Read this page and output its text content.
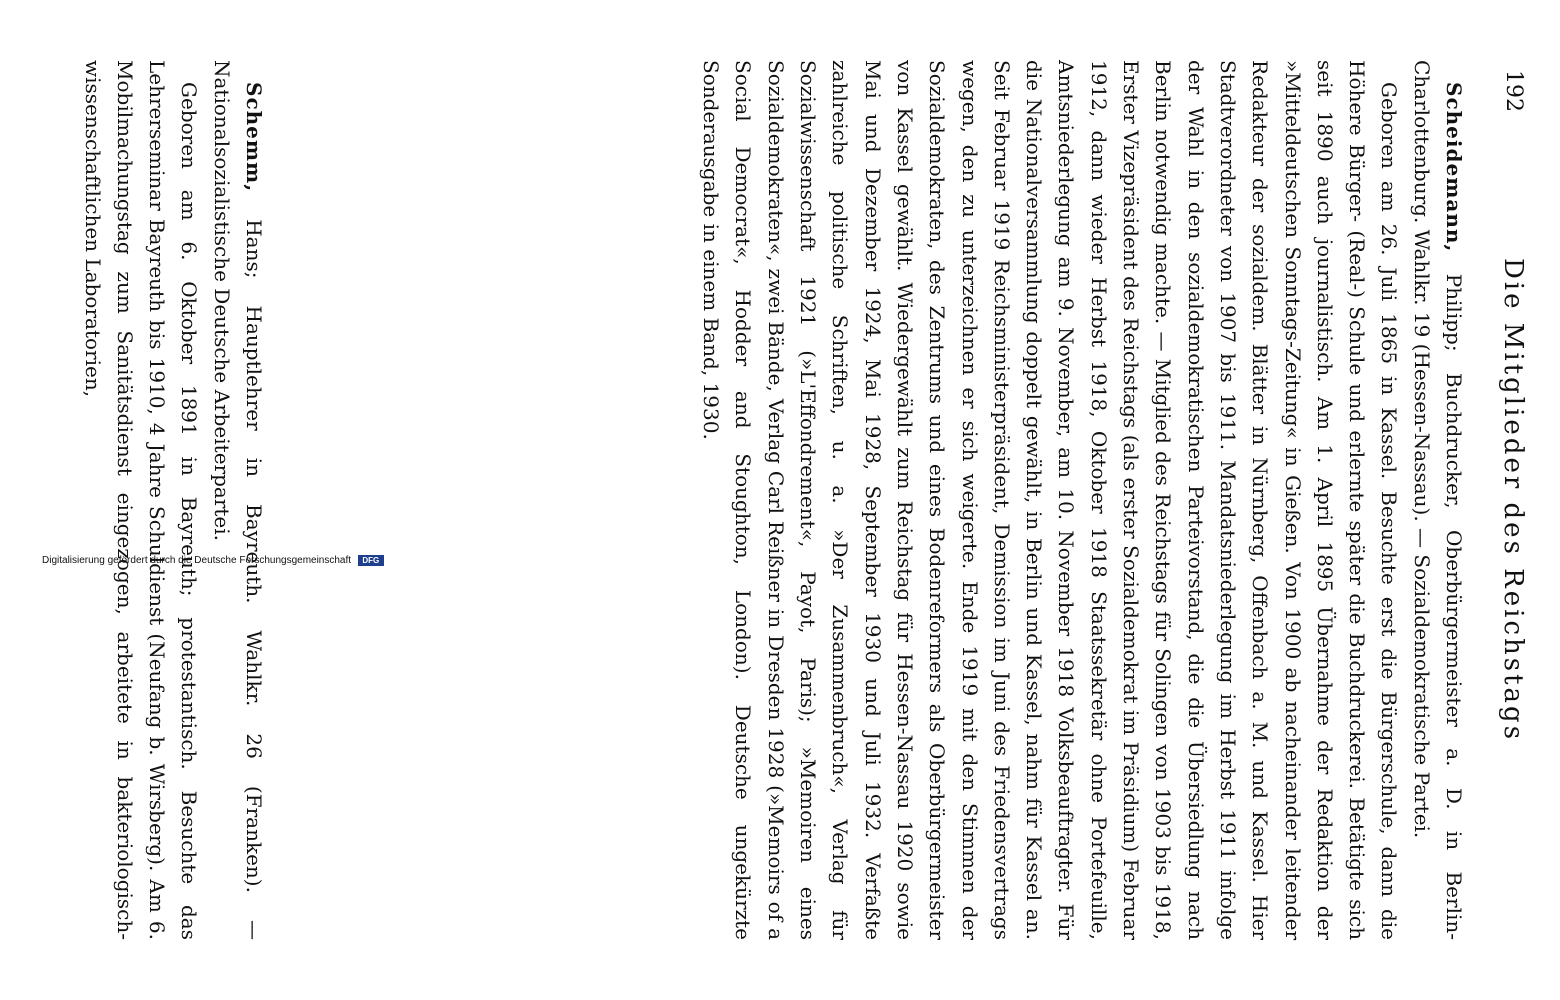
192
Die Mitglieder des Reichstags

Scheidemann, Philipp; Buchdrucker, Oberbürgermeister a. D. in Berlin-Charlottenburg. Wahlkr. 19 (Hessen-Nassau). — Sozialdemokratische Partei.

Geboren am 26. Juli 1865 in Kassel. Besuchte erst die Bürgerschule, dann die Höhere Bürger- (Real-) Schule und erlernte später die Buchdruckerei. Betätigte sich seit 1890 auch journalistisch. Am 1. April 1895 Übernahme der Redaktion der »Mitteldeutschen Sonntags-Zeitung« in Gießen. Von 1900 ab nacheinander leitender Redakteur der sozialdem. Blätter in Nürnberg, Offenbach a. M. und Kassel. Hier Stadtverordneter von 1907 bis 1911. Mandatsniederlegung im Herbst 1911 infolge der Wahl in den sozialdemokratischen Parteivorstand, die die Übersiedlung nach Berlin notwendig machte. — Mitglied des Reichstags für Solingen von 1903 bis 1918, Erster Vizepräsident des Reichstags (als erster Sozialdemokrat im Präsidium) Februar 1912, dann wieder Herbst 1918, Oktober 1918 Staatssekretär ohne Portefeuille, Amtsniederlegung am 9. November, am 10. November 1918 Volksbeauftragter. Für die Nationalversammlung doppelt gewählt, in Berlin und Kassel, nahm für Kassel an. Seit Februar 1919 Reichsministerpräsident, Demission im Juni des Friedensvertrags wegen, den zu unterzeichnen er sich weigerte. Ende 1919 mit den Stimmen der Sozialdemokraten, des Zentrums und eines Bodenreformers als Oberbürgermeister von Kassel gewählt. Wiedergewählt zum Reichstag für Hessen-Nassau 1920 sowie Mai und Dezember 1924, Mai 1928, September 1930 und Juli 1932. Verfaßte zahlreiche politische Schriften, u. a. »Der Zusammenbruch«, Verlag für Sozialwissenschaft 1921 (»L'Effondrement«, Payot, Paris); »Memoiren eines Sozialdemokraten«, zwei Bände, Verlag Carl Reißner in Dresden 1928 (»Memoirs of a Social Democrat«, Hodder and Stoughton, London). Deutsche ungekürzte Sonderausgabe in einem Band, 1930.

Schemm, Hans; Hauptlehrer in Bayreuth. Wahlkr. 26 (Franken). — Nationalsozialistische Deutsche Arbeiterpartei.

Geboren am 6. Oktober 1891 in Bayreuth; protestantisch. Besuchte das Lehrerseminar Bayreuth bis 1910, 4 Jahre Schuldienst (Neufang b. Wirsberg). Am 6. Mobilmachungstag zum Sanitätsdienst eingezogen, arbeitete in bakteriologisch-wissenschaftlichen Laboratorien,

Digitalisierung gefördert durch die Deutsche Forschungsgemeinschaft DFG
